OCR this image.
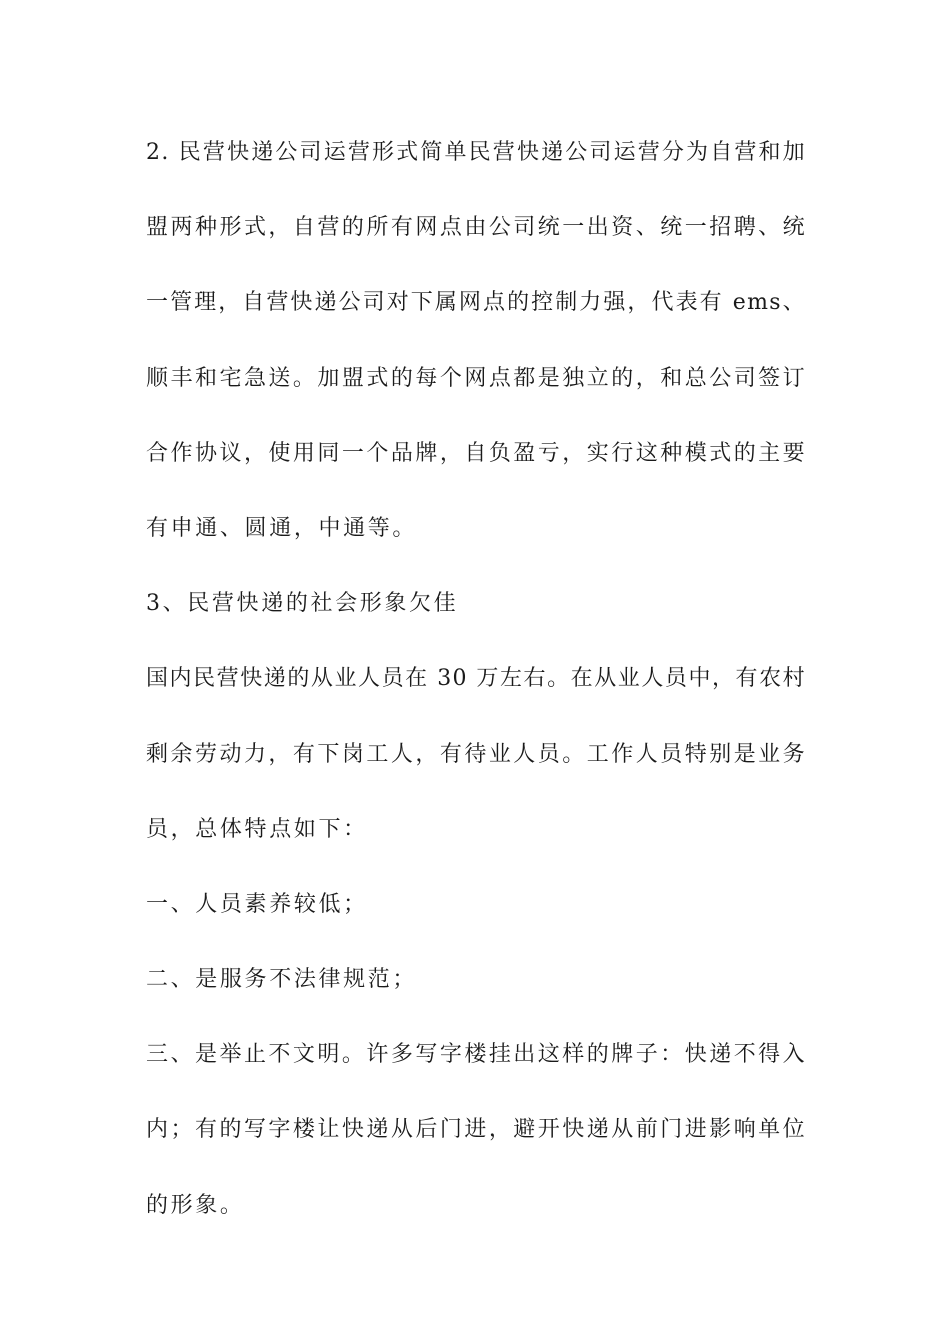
2. 民营快递公司运营形式简单民营快递公司运营分为自营和加
盟两种形式，自营的所有网点由公司统一出资、统一招聘、统
一管理，自营快递公司对下属网点的控制力强，代表有 ems、
顺丰和宅急送。加盟式的每个网点都是独立的，和总公司签订
合作协议，使用同一个品牌，自负盈亏，实行这种模式的主要
有申通、圆通，中通等。
3、民营快递的社会形象欠佳
国内民营快递的从业人员在 30 万左右。在从业人员中，有农村
剩余劳动力，有下岗工人，有待业人员。工作人员特别是业务
员，总体特点如下：
一、人员素养较低；
二、是服务不法律规范；
三、是举止不文明。许多写字楼挂出这样的牌子：快递不得入
内；有的写字楼让快递从后门进，避开快递从前门进影响单位
的形象。
